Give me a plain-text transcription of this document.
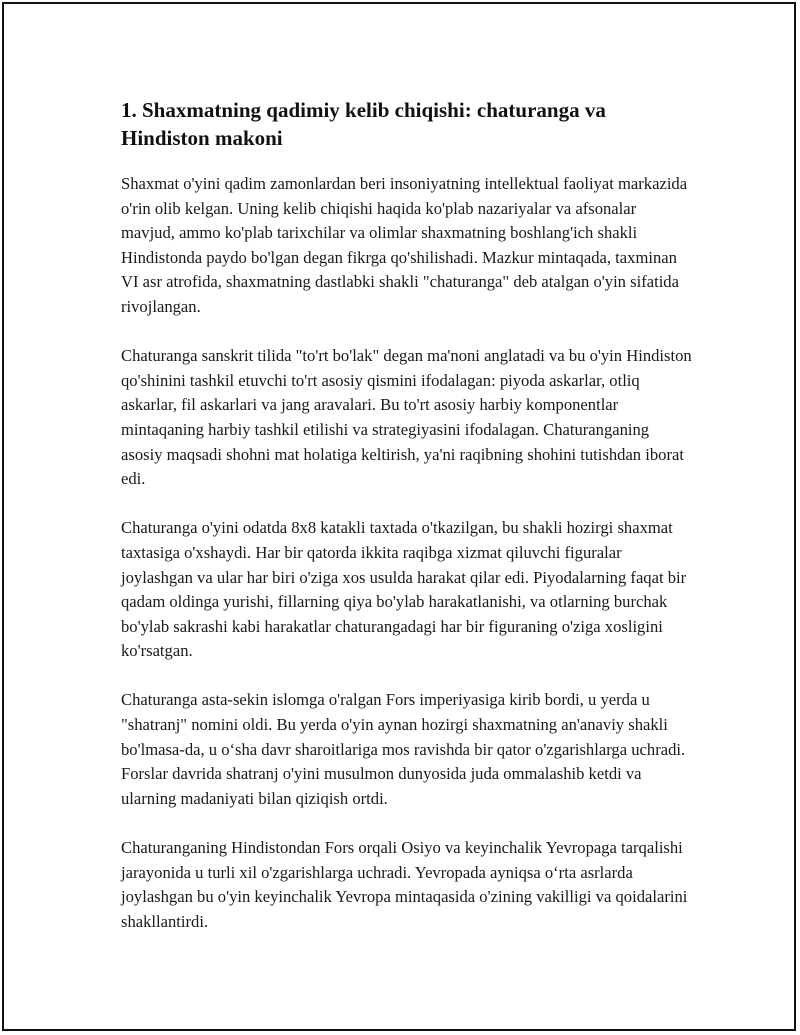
1. Shaxmatning qadimiy kelib chiqishi: chaturanga va Hindiston makoni

Shaxmat o'yini qadim zamonlardan beri insoniyatning intellektual faoliyat markazida o'rin olib kelgan. Uning kelib chiqishi haqida ko'plab nazariyalar va afsonalar mavjud, ammo ko'plab tarixchilar va olimlar shaxmatning boshlang'ich shakli Hindistonda paydo bo'lgan degan fikrga qo'shilishadi. Mazkur mintaqada, taxminan VI asr atrofida, shaxmatning dastlabki shakli "chaturanga" deb atalgan o'yin sifatida rivojlangan.

Chaturanga sanskrit tilida "to'rt bo'lak" degan ma'noni anglatadi va bu o'yin Hindiston qo'shinini tashkil etuvchi to'rt asosiy qismini ifodalagan: piyoda askarlar, otliq askarlar, fil askarlari va jang aravalari. Bu to'rt asosiy harbiy komponentlar mintaqaning harbiy tashkil etilishi va strategiyasini ifodalagan. Chaturanganing asosiy maqsadi shohni mat holatiga keltirish, ya'ni raqibning shohini tutishdan iborat edi.

Chaturanga o'yini odatda 8x8 katakli taxtada o'tkazilgan, bu shakli hozirgi shaxmat taxtasiga o'xshaydi. Har bir qatorda ikkita raqibga xizmat qiluvchi figuralar joylashgan va ular har biri o'ziga xos usulda harakat qilar edi. Piyodalarning faqat bir qadam oldinga yurishi, fillarning qiya bo'ylab harakatlanishi, va otlarning burchak bo'ylab sakrashi kabi harakatlar chaturangadagi har bir figuraning o'ziga xosligini ko'rsatgan.

Chaturanga asta-sekin islomga o'ralgan Fors imperiyasiga kirib bordi, u yerda u "shatranj" nomini oldi. Bu yerda o'yin aynan hozirgi shaxmatning an'anaviy shakli bo'lmasa-da, u o‘sha davr sharoitlariga mos ravishda bir qator o'zgarishlarga uchradi. Forslar davrida shatranj o'yini musulmon dunyosida juda ommalashib ketdi va ularning madaniyati bilan qiziqish ortdi.

Chaturanganing Hindistondan Fors orqali Osiyo va keyinchalik Yevropaga tarqalishi jarayonida u turli xil o'zgarishlarga uchradi. Yevropada ayniqsa o‘rta asrlarda joylashgan bu o'yin keyinchalik Yevropa mintaqasida o'zining vakilligi va qoidalarini shakllantirdi.
